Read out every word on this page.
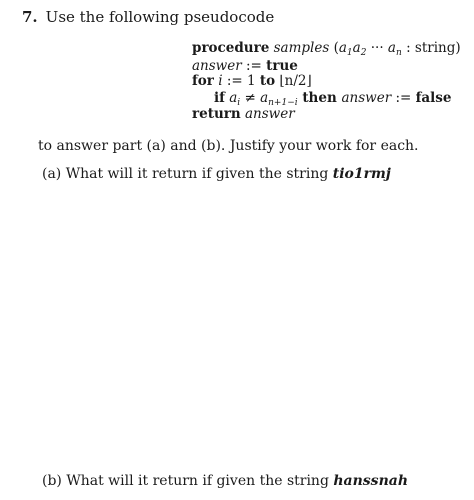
7. Use the following pseudocode
procedure samples ($a_1a_2$ ··· $a_n$ : string)
answer := true
for i := 1 to ⌊n/2⌋
if $a_i \ne a_{n+1-i}$ then answer := false
return answer
to answer part (a) and (b). Justify your work for each.
(a) What will it return if given the string tio1rmj
(b) What will it return if given the string hanssnah
